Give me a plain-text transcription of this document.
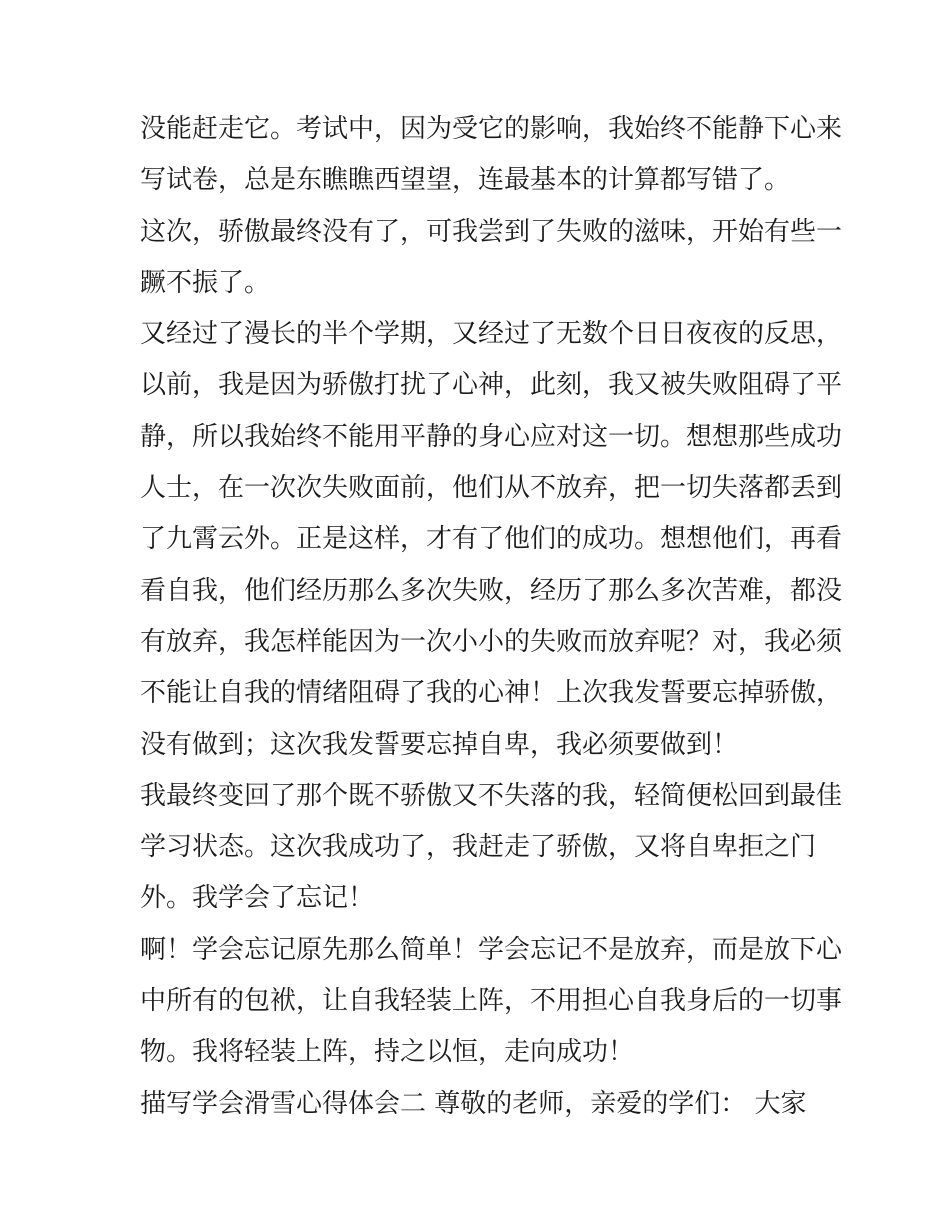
没能赶走它。考试中，因为受它的影响，我始终不能静下心来
写试卷，总是东瞧瞧西望望，连最基本的计算都写错了。
这次，骄傲最终没有了，可我尝到了失败的滋味，开始有些一
蹶不振了。
又经过了漫长的半个学期，又经过了无数个日日夜夜的反思，
以前，我是因为骄傲打扰了心神，此刻，我又被失败阻碍了平
静，所以我始终不能用平静的身心应对这一切。想想那些成功
人士，在一次次失败面前，他们从不放弃，把一切失落都丢到
了九霄云外。正是这样，才有了他们的成功。想想他们，再看
看自我，他们经历那么多次失败，经历了那么多次苦难，都没
有放弃，我怎样能因为一次小小的失败而放弃呢？对，我必须
不能让自我的情绪阻碍了我的心神！上次我发誓要忘掉骄傲，
没有做到；这次我发誓要忘掉自卑，我必须要做到！
我最终变回了那个既不骄傲又不失落的我，轻简便松回到最佳
学习状态。这次我成功了，我赶走了骄傲，又将自卑拒之门
外。我学会了忘记！
啊！学会忘记原先那么简单！学会忘记不是放弃，而是放下心
中所有的包袱，让自我轻装上阵，不用担心自我身后的一切事
物。我将轻装上阵，持之以恒，走向成功！
描写学会滑雪心得体会二 尊敬的老师，亲爱的学们： 大家
